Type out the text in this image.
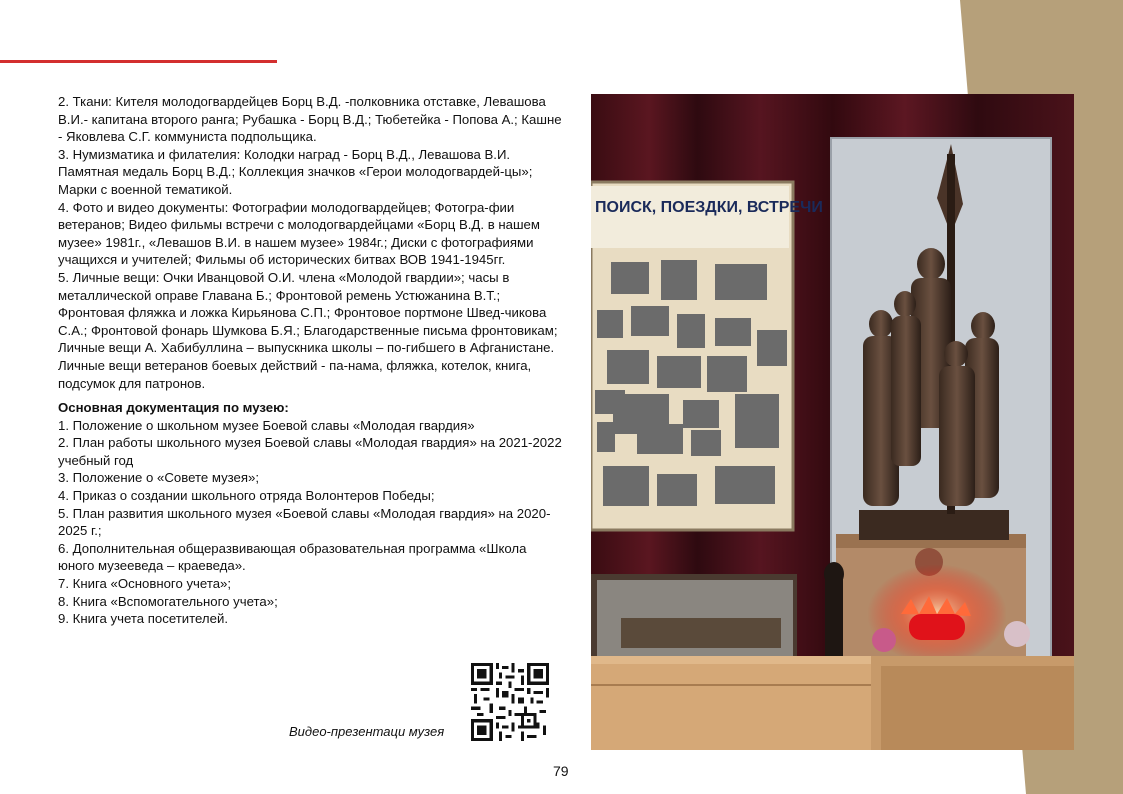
2. Ткани: Кителя молодогвардейцев Борц В.Д. -полковника отставке, Левашова В.И.- капитана второго ранга; Рубашка - Борц В.Д.; Тюбетейка - Попова А.; Кашне - Яковлева С.Г. коммуниста подпольщика.

3. Нумизматика и филателия: Колодки наград - Борц В.Д., Левашова В.И. Памятная медаль Борц В.Д.; Коллекция значков «Герои молодогвардей-цы»; Марки с военной тематикой.

4. Фото и видео документы: Фотографии молодогвардейцев; Фотогра-фии ветеранов; Видео фильмы встречи с молодогвардейцами «Борц В.Д. в нашем музее» 1981г., «Левашов В.И. в нашем музее» 1984г.; Диски с фотографиями учащихся и учителей; Фильмы об исторических битвах ВОВ 1941-1945гг.

5. Личные вещи: Очки Иванцовой О.И. члена «Молодой гвардии»; часы в металлической оправе Главана Б.; Фронтовой ремень Устюжанина В.Т.; Фронтовая фляжка и ложка Кирьянова С.П.; Фронтовое портмоне Швед-чикова С.А.; Фронтовой фонарь Шумкова Б.Я.; Благодарственные письма фронтовикам; Личные вещи А. Хабибуллина – выпускника школы – по-гибшего в Афганистане. Личные вещи ветеранов боевых действий - па-нама, фляжка, котелок, книга, подсумок для патронов.

Основная документация по музею:

1. Положение о школьном музее Боевой славы «Молодая гвардия»

2. План работы школьного музея Боевой славы «Молодая гвардия» на 2021-2022 учебный год

3. Положение о «Совете музея»;

4. Приказ о создании школьного отряда Волонтеров Победы;

5. План развития школьного музея «Боевой славы «Молодая гвардия» на 2020-2025 г.;

6. Дополнительная общеразвивающая образовательная программа «Школа юного музееведа – краеведа».

7. Книга «Основного учета»;

8. Книга «Вспомогательного учета»;

9. Книга учета посетителей.

ПОИСК, ПОЕЗДКИ, ВСТРЕЧИ
Видео-презентаци музея
79
